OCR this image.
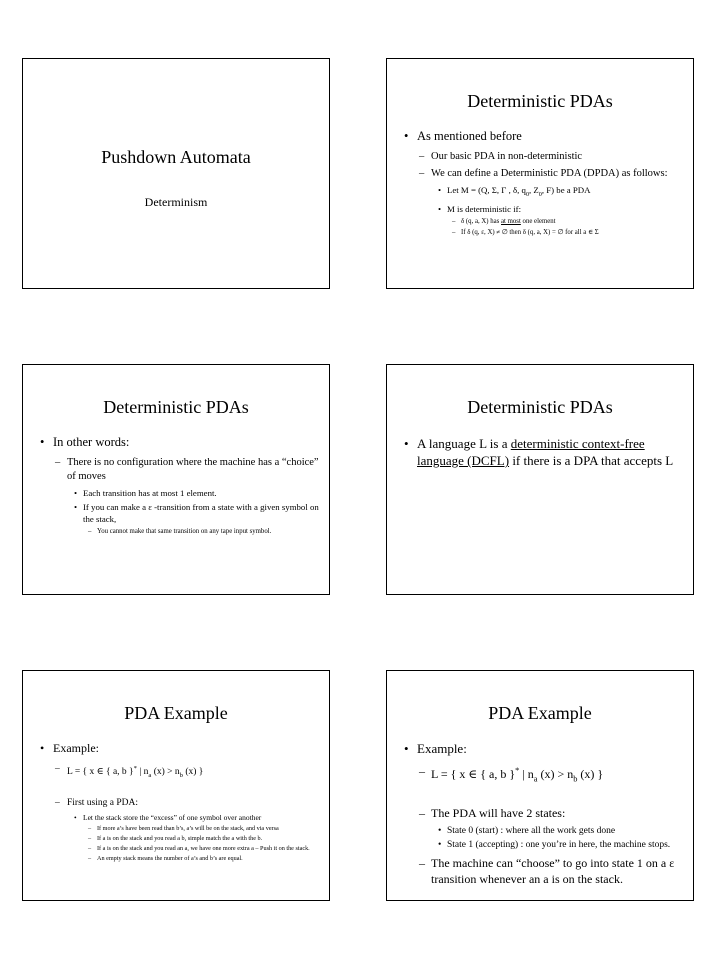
Pushdown Automata
Determinism
Deterministic PDAs
• As mentioned before
– Our basic PDA in non-deterministic
– We can define a Deterministic PDA (DPDA) as follows:
• Let M = (Q, Σ, Γ , δ, $q_0$, $Z_0$, F) be a PDA
• M is deterministic if:
– δ (q, a, X) has at most one element
– If δ (q, ε, X) ≠ ∅ then δ (q, a, X) = ∅ for all a ∈ Σ
Deterministic PDAs
• In other words:
– There is no configuration where the machine has a “choice” of moves
• Each transition has at most 1 element.
• If you can make a ε -transition from a state with a given symbol on the stack,
– You cannot make that same transition on any tape input symbol.
Deterministic PDAs
• A language L is a deterministic context-free language (DCFL) if there is a DPA that accepts L
PDA Example
• Example:
– L = { x ∈ { a, b }* | $n_a$ $(x) > n_b$ (x) }
– First using a PDA:
• Let the stack store the “excess” of one symbol over another
– If more a’s have been read than b’s, a’s will be on the stack, and via versa
– If a is on the stack and you read a b, simple match the a with the b.
– If a is on the stack and you read an a, we have one more extra a – Push it on the stack.
– An empty stack means the number of a’s and b’s are equal.
PDA Example
• Example:
– L = { x ∈ { a, b }* | $n_a$ $(x) > n_b$ (x) }
– The PDA will have 2 states:
• State 0 (start) : where all the work gets done
• State 1 (accepting) : one you’re in here, the machine stops.
– The machine can “choose” to go into state 1 on a ε transition whenever an a is on the stack.
